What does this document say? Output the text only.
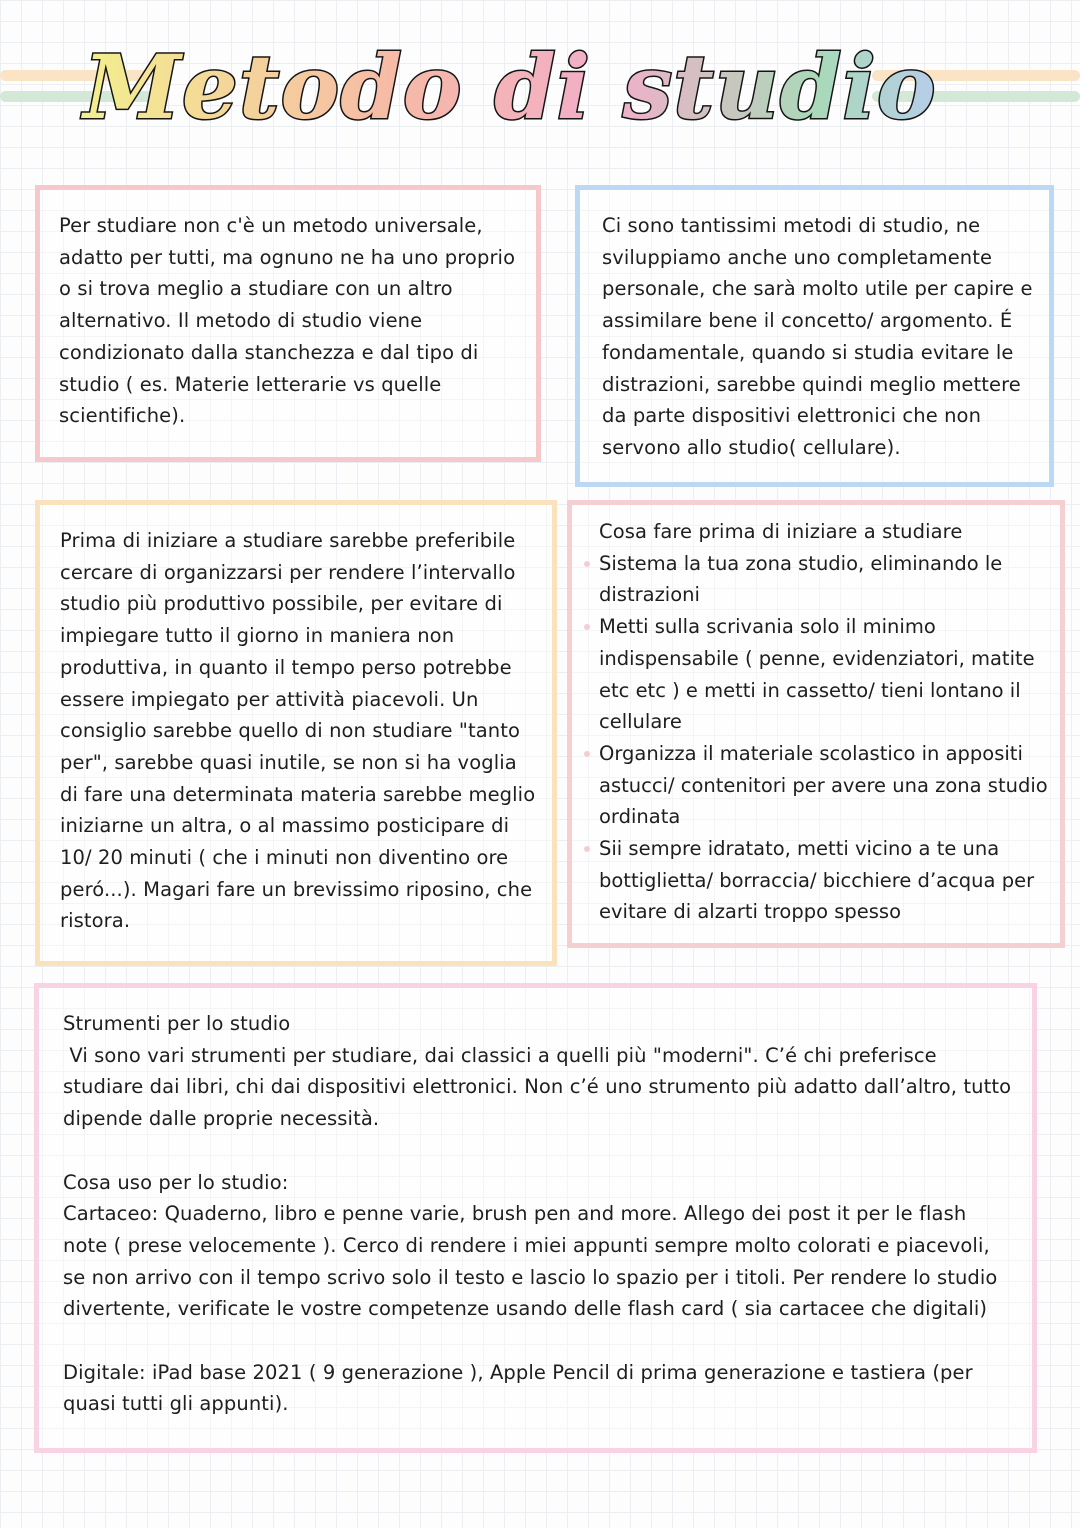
Metodo di studio

Per studiare non c'è un metodo universale, adatto per tutti, ma ognuno ne ha uno proprio o si trova meglio a studiare con un altro alternativo. Il metodo di studio viene condizionato dalla stanchezza e dal tipo di studio ( es. Materie letterarie vs quelle scientifiche).

Ci sono tantissimi metodi di studio, ne sviluppiamo anche uno completamente personale, che sarà molto utile per capire e assimilare bene il concetto/ argomento. É fondamentale, quando si studia evitare le distrazioni, sarebbe quindi meglio mettere da parte dispositivi elettronici che non servono allo studio( cellulare).

Prima di iniziare a studiare sarebbe preferibile cercare di organizzarsi per rendere l’intervallo studio più produttivo possibile, per evitare di impiegare tutto il giorno in maniera non produttiva, in quanto il tempo perso potrebbe essere impiegato per attività piacevoli. Un consiglio sarebbe quello di non studiare "tanto per", sarebbe quasi inutile, se non si ha voglia di fare una determinata materia sarebbe meglio iniziarne un altra, o al massimo posticipare di 10/ 20 minuti ( che i minuti non diventino ore peró...). Magari fare un brevissimo riposino, che ristora.

Cosa fare prima di iniziare a studiare

Sistema la tua zona studio, eliminando le distrazioni
Metti sulla scrivania solo il minimo indispensabile ( penne, evidenziatori, matite etc etc ) e metti in cassetto/ tieni lontano il cellulare
Organizza il materiale scolastico in appositi astucci/ contenitori per avere una zona studio ordinata
Sii sempre idratato, metti vicino a te una bottiglietta/ borraccia/ bicchiere d’acqua per evitare di alzarti troppo spesso

Strumenti per lo studio

Vi sono vari strumenti per studiare, dai classici a quelli più "moderni". C’é chi preferisce studiare dai libri, chi dai dispositivi elettronici. Non c’é uno strumento più adatto dall’altro, tutto dipende dalle proprie necessità.

Cosa uso per lo studio:

Cartaceo: Quaderno, libro e penne varie, brush pen and more. Allego dei post it per le flash note ( prese velocemente ). Cerco di rendere i miei appunti sempre molto colorati e piacevoli, se non arrivo con il tempo scrivo solo il testo e lascio lo spazio per i titoli. Per rendere lo studio divertente, verificate le vostre competenze usando delle flash card ( sia cartacee che digitali)

Digitale: iPad base 2021 ( 9 generazione ), Apple Pencil di prima generazione e tastiera (per quasi tutti gli appunti).
